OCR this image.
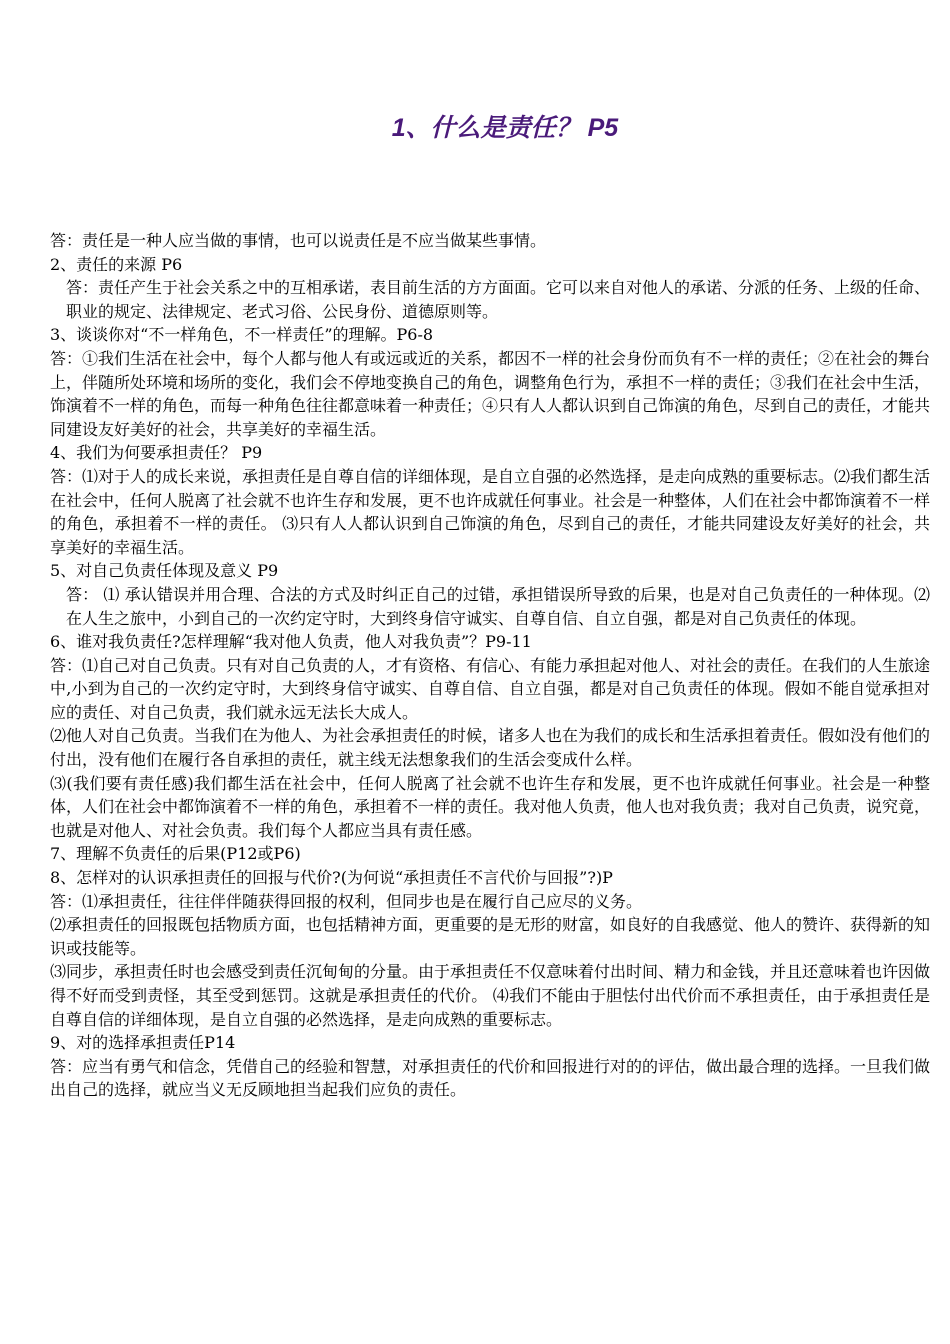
1、什么是责任？ P5

答：责任是一种人应当做的事情，也可以说责任是不应当做某些事情。

2、责任的来源 P6

答：责任产生于社会关系之中的互相承诺，表目前生活的方方面面。它可以来自对他人的承诺、分派的任务、上级的任命、职业的规定、法律规定、老式习俗、公民身份、道德原则等。

3、谈谈你对“不一样角色，不一样责任”的理解。P6-8

答：①我们生活在社会中，每个人都与他人有或远或近的关系，都因不一样的社会身份而负有不一样的责任；②在社会的舞台上，伴随所处环境和场所的变化，我们会不停地变换自己的角色，调整角色行为，承担不一样的责任；③我们在社会中生活，饰演着不一样的角色，而每一种角色往往都意味着一种责任；④只有人人都认识到自己饰演的角色，尽到自己的责任，才能共同建设友好美好的社会，共享美好的幸福生活。

4、我们为何要承担责任？ P9

答：⑴对于人的成长来说，承担责任是自尊自信的详细体现，是自立自强的必然选择，是走向成熟的重要标志。⑵我们都生活在社会中，任何人脱离了社会就不也许生存和发展，更不也许成就任何事业。社会是一种整体，人们在社会中都饰演着不一样的角色，承担着不一样的责任。 ⑶只有人人都认识到自己饰演的角色，尽到自己的责任，才能共同建设友好美好的社会，共享美好的幸福生活。

5、对自己负责任体现及意义 P9

答： ⑴ 承认错误并用合理、合法的方式及时纠正自己的过错，承担错误所导致的后果，也是对自己负责任的一种体现。⑵ 在人生之旅中，小到自己的一次约定守时，大到终身信守诚实、自尊自信、自立自强，都是对自己负责任的体现。

6、谁对我负责任?怎样理解“我对他人负责，他人对我负责”？P9-11

答：⑴自己对自己负责。只有对自己负责的人，才有资格、有信心、有能力承担起对他人、对社会的责任。在我们的人生旅途中,小到为自己的一次约定守时，大到终身信守诚实、自尊自信、自立自强，都是对自己负责任的体现。假如不能自觉承担对应的责任、对自己负责，我们就永远无法长大成人。

⑵他人对自己负责。当我们在为他人、为社会承担责任的时候，诸多人也在为我们的成长和生活承担着责任。假如没有他们的付出，没有他们在履行各自承担的责任，就主线无法想象我们的生活会变成什么样。

⑶(我们要有责任感)我们都生活在社会中，任何人脱离了社会就不也许生存和发展，更不也许成就任何事业。社会是一种整体，人们在社会中都饰演着不一样的角色，承担着不一样的责任。我对他人负责，他人也对我负责；我对自己负责，说究竟，也就是对他人、对社会负责。我们每个人都应当具有责任感。

7、理解不负责任的后果(P12或P6)

8、怎样对的认识承担责任的回报与代价?(为何说“承担责任不言代价与回报”?)P

答：⑴承担责任，往往伴伴随获得回报的权利，但同步也是在履行自己应尽的义务。

⑵承担责任的回报既包括物质方面，也包括精神方面，更重要的是无形的财富，如良好的自我感觉、他人的赞许、获得新的知识或技能等。

⑶同步，承担责任时也会感受到责任沉甸甸的分量。由于承担责任不仅意味着付出时间、精力和金钱，并且还意味着也许因做得不好而受到责怪，其至受到惩罚。这就是承担责任的代价。 ⑷我们不能由于胆怯付出代价而不承担责任，由于承担责任是自尊自信的详细体现，是自立自强的必然选择，是走向成熟的重要标志。

9、对的选择承担责任P14

答：应当有勇气和信念，凭借自己的经验和智慧，对承担责任的代价和回报进行对的的评估，做出最合理的选择。一旦我们做出自己的选择，就应当义无反顾地担当起我们应负的责任。
